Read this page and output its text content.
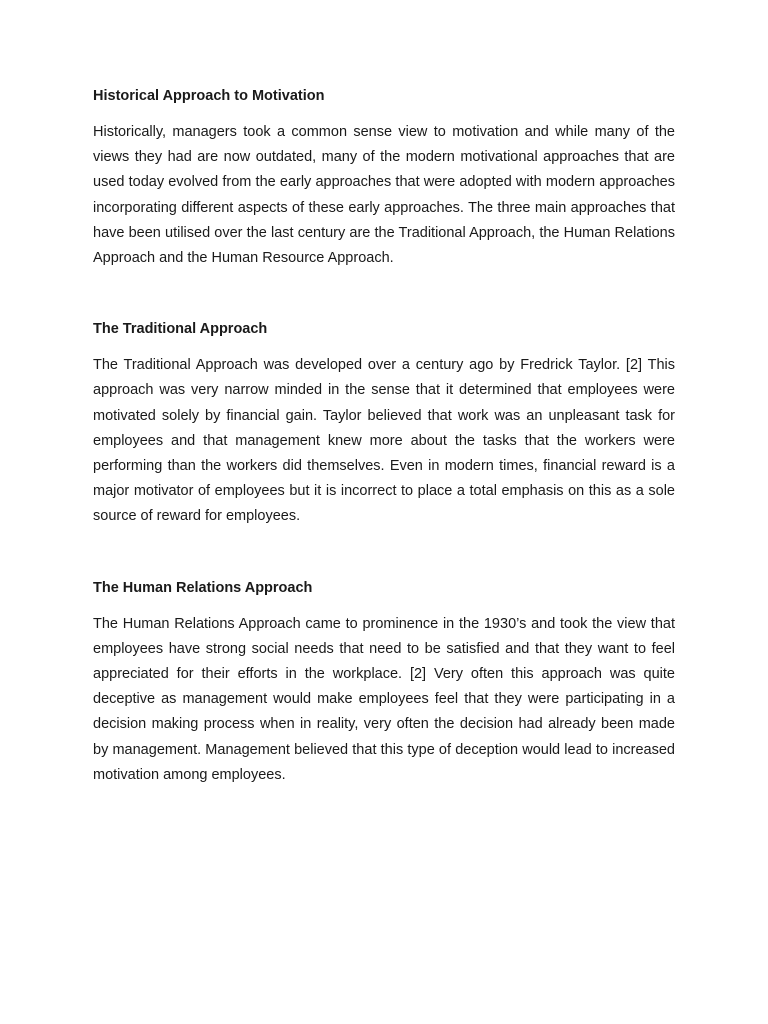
Historical Approach to Motivation

Historically, managers took a common sense view to motivation and while many of the views they had are now outdated, many of the modern motivational approaches that are used today evolved from the early approaches that were adopted with modern approaches incorporating different aspects of these early approaches. The three main approaches that have been utilised over the last century are the Traditional Approach, the Human Relations Approach and the Human Resource Approach.

The Traditional Approach

The Traditional Approach was developed over a century ago by Fredrick Taylor. [2] This approach was very narrow minded in the sense that it determined that employees were motivated solely by financial gain. Taylor believed that work was an unpleasant task for employees and that management knew more about the tasks that the workers were performing than the workers did themselves. Even in modern times, financial reward is a major motivator of employees but it is incorrect to place a total emphasis on this as a sole source of reward for employees.

The Human Relations Approach

The Human Relations Approach came to prominence in the 1930’s and took the view that employees have strong social needs that need to be satisfied and that they want to feel appreciated for their efforts in the workplace. [2] Very often this approach was quite deceptive as management would make employees feel that they were participating in a decision making process when in reality, very often the decision had already been made by management. Management believed that this type of deception would lead to increased motivation among employees.
